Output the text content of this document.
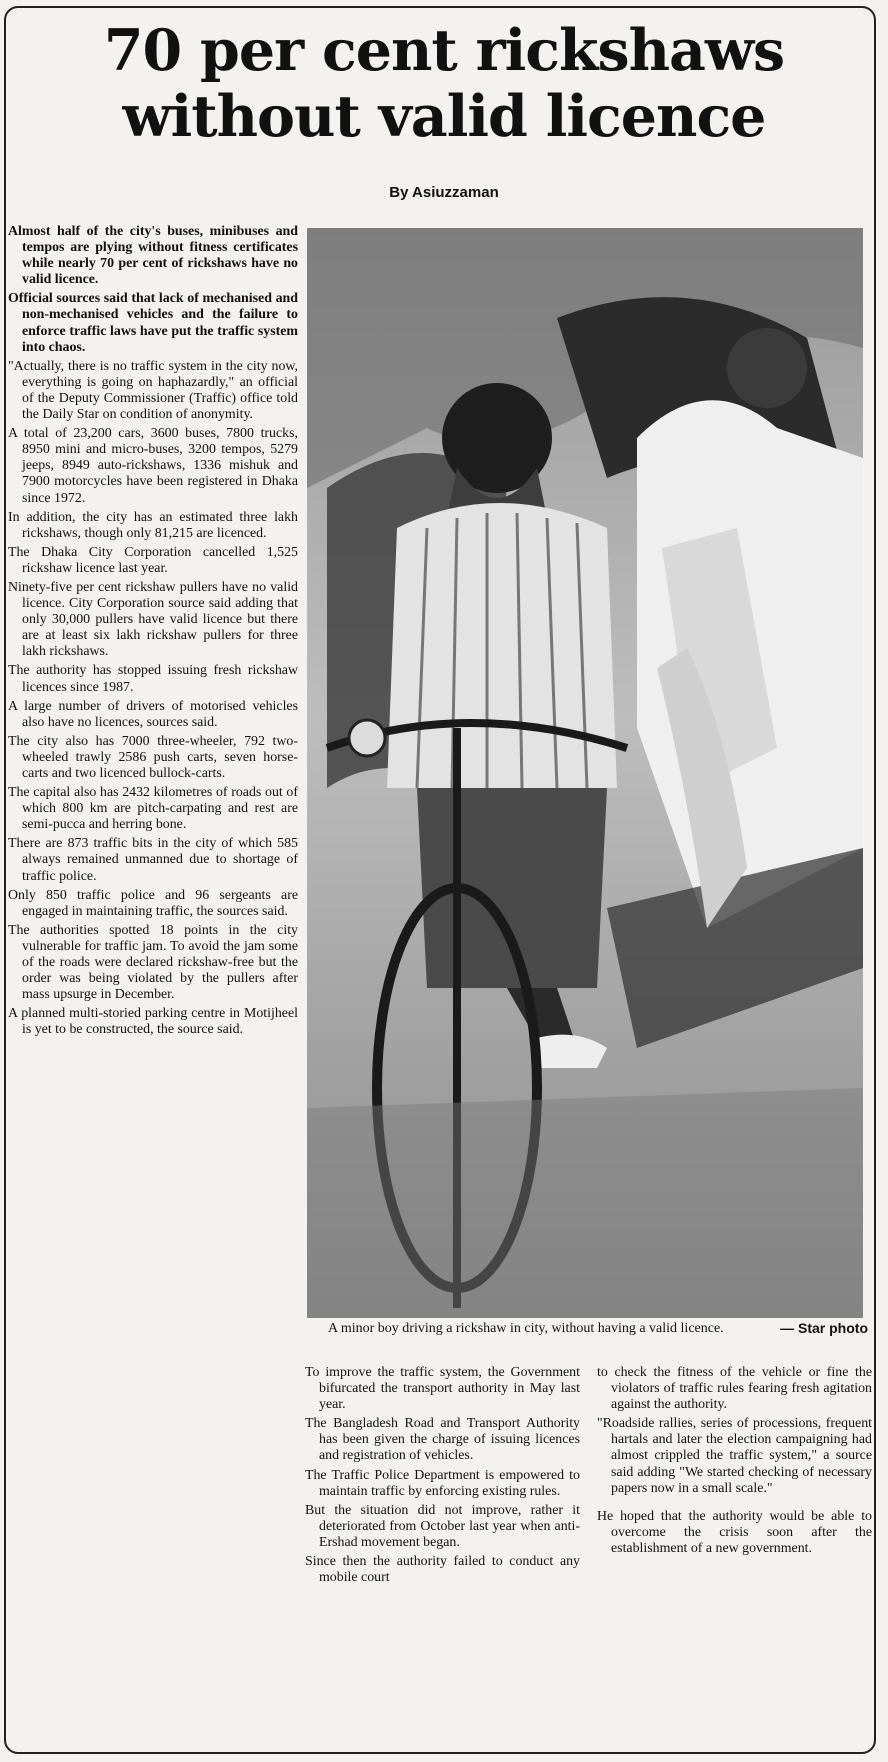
70 per cent rickshaws
without valid licence
By Asiuzzaman

Almost half of the city's buses, minibuses and tempos are plying without fitness certificates while nearly 70 per cent of rickshaws have no valid licence.

Official sources said that lack of mechanised and non-mechanised vehicles and the failure to enforce traffic laws have put the traffic system into chaos.

"Actually, there is no traffic system in the city now, everything is going on haphazardly," an official of the Deputy Commissioner (Traffic) office told the Daily Star on condition of anonymity.

A total of 23,200 cars, 3600 buses, 7800 trucks, 8950 mini and micro-buses, 3200 tempos, 5279 jeeps, 8949 auto-rickshaws, 1336 mishuk and 7900 motorcycles have been registered in Dhaka since 1972.

In addition, the city has an estimated three lakh rickshaws, though only 81,215 are licenced.

The Dhaka City Corporation cancelled 1,525 rickshaw licence last year.

Ninety-five per cent rickshaw pullers have no valid licence. City Corporation source said adding that only 30,000 pullers have valid licence but there are at least six lakh rickshaw pullers for three lakh rickshaws.

The authority has stopped issuing fresh rickshaw licences since 1987.

A large number of drivers of motorised vehicles also have no licences, sources said.

The city also has 7000 three-wheeler, 792 two-wheeled trawly 2586 push carts, seven horse-carts and two licenced bullock-carts.

The capital also has 2432 kilometres of roads out of which 800 km are pitch-carpating and rest are semi-pucca and herring bone.

There are 873 traffic bits in the city of which 585 always remained unmanned due to shortage of traffic police.

Only 850 traffic police and 96 sergeants are engaged in maintaining traffic, the sources said.

The authorities spotted 18 points in the city vulnerable for traffic jam. To avoid the jam some of the roads were declared rickshaw-free but the order was being violated by the pullers after mass upsurge in December.

A planned multi-storied parking centre in Motijheel is yet to be constructed, the source said.

A minor boy driving a rickshaw in city, without having a valid licence.	— Star photo

To improve the traffic system, the Government bifurcated the transport authority in May last year.

The Bangladesh Road and Transport Authority has been given the charge of issuing licences and registration of vehicles.

The Traffic Police Department is empowered to maintain traffic by enforcing existing rules.

But the situation did not improve, rather it deteriorated from October last year when anti-Ershad movement began.

Since then the authority failed to conduct any mobile court

to check the fitness of the vehicle or fine the violators of traffic rules fearing fresh agitation against the authority.

"Roadside rallies, series of processions, frequent hartals and later the election campaigning had almost crippled the traffic system," a source said adding "We started checking of necessary papers now in a small scale."

He hoped that the authority would be able to overcome the crisis soon after the establishment of a new government.
